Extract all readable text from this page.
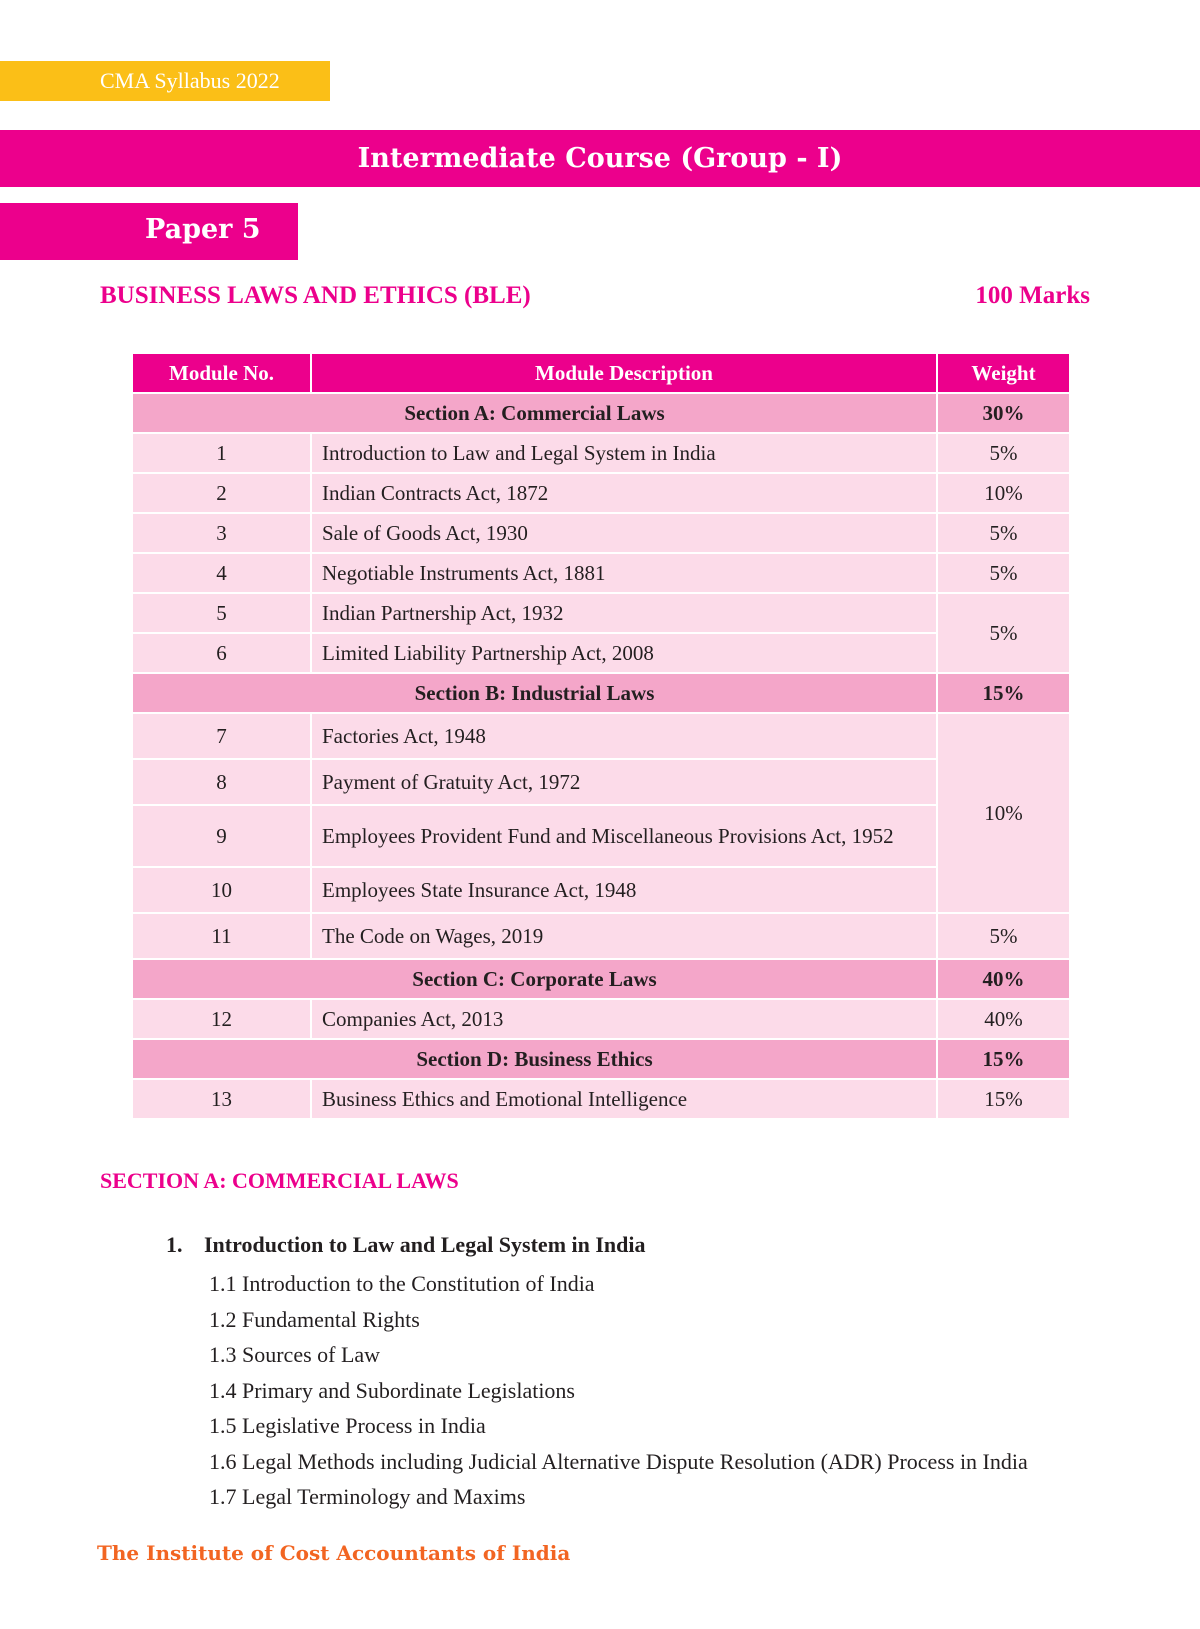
CMA Syllabus 2022
Intermediate Course (Group - I)
Paper 5
BUSINESS LAWS AND ETHICS (BLE)	100 Marks
Module No.	Module Description	Weight
Section A: Commercial Laws		30%
1	Introduction to Law and Legal System in India	5%
2	Indian Contracts Act, 1872	10%
3	Sale of Goods Act, 1930	5%
4	Negotiable Instruments Act, 1881	5%
5	Indian Partnership Act, 1932	5%
6	Limited Liability Partnership Act, 2008	
Section B: Industrial Laws		15%
7	Factories Act, 1948	10%
8	Payment of Gratuity Act, 1972	
9	Employees Provident Fund and Miscellaneous Provisions Act, 1952	
10	Employees State Insurance Act, 1948	
11	The Code on Wages, 2019	5%
Section C: Corporate Laws		40%
12	Companies Act, 2013	40%
Section D: Business Ethics		15%
13	Business Ethics and Emotional Intelligence	15%
SECTION A: COMMERCIAL LAWS
1. Introduction to Law and Legal System in India
1.1 Introduction to the Constitution of India
1.2 Fundamental Rights
1.3 Sources of Law
1.4 Primary and Subordinate Legislations
1.5 Legislative Process in India
1.6 Legal Methods including Judicial Alternative Dispute Resolution (ADR) Process in India
1.7 Legal Terminology and Maxims
The Institute of Cost Accountants of India
